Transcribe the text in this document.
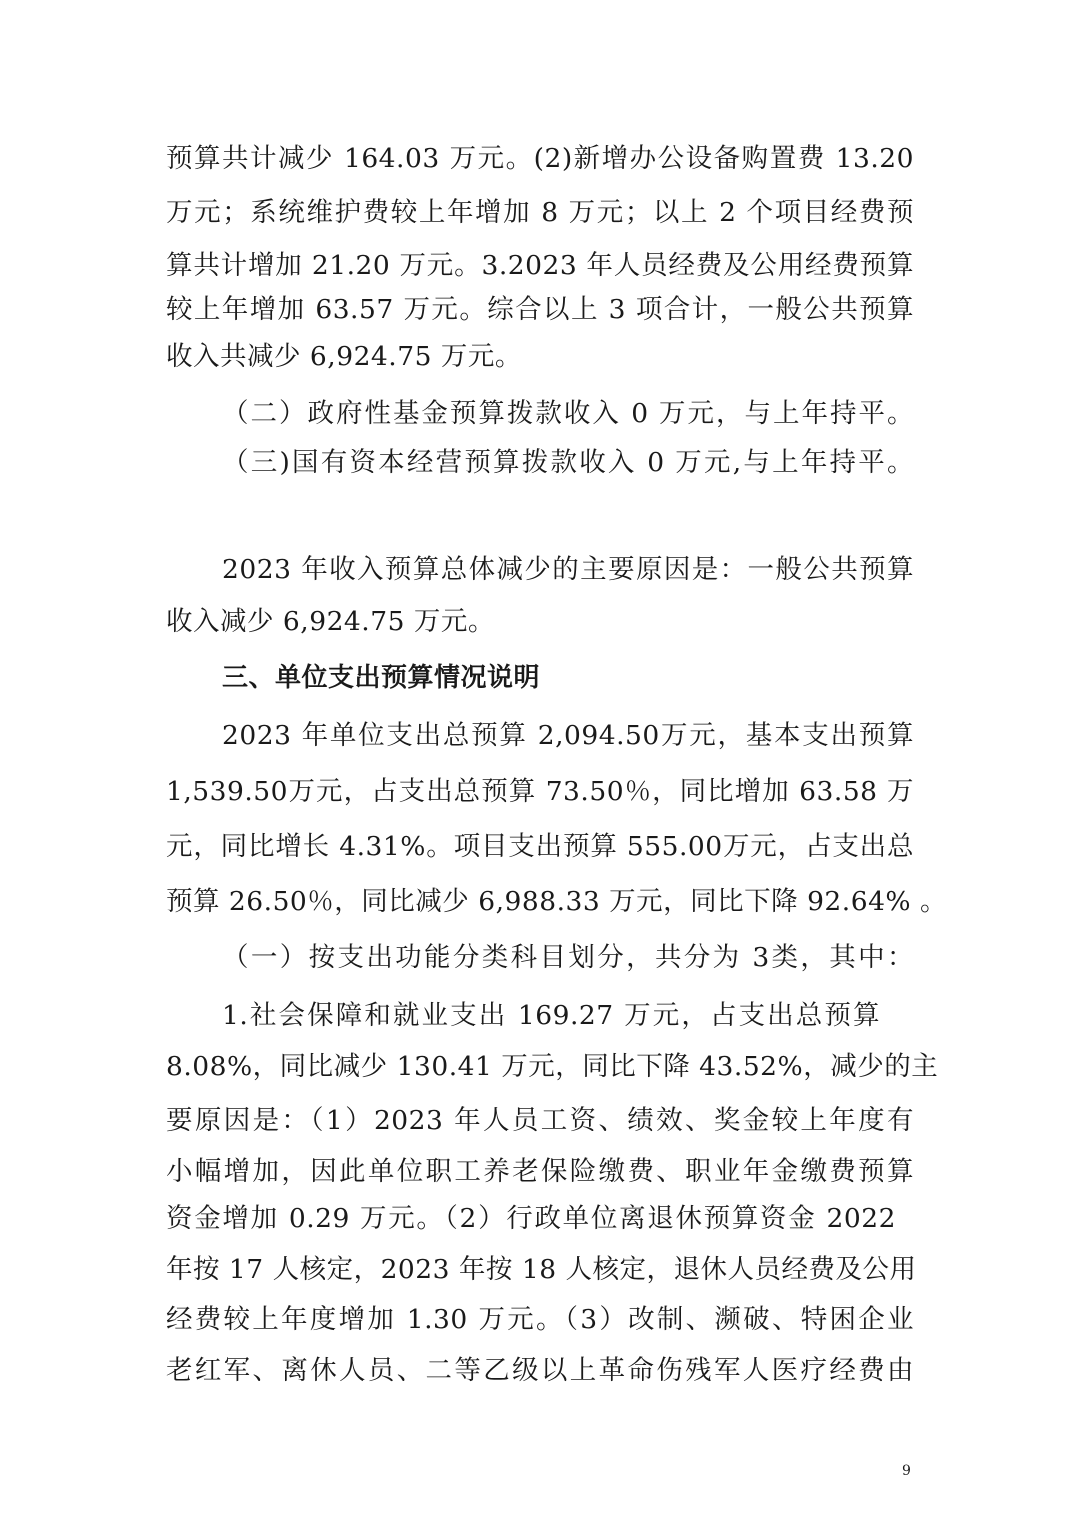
预算共计减少 164.03 万元。(2)新增办公设备购置费 13.20
万元；系统维护费较上年增加 8 万元；以上 2 个项目经费预
算共计增加 21.20 万元。3.2023 年人员经费及公用经费预算
较上年增加 63.57 万元。综合以上 3 项合计，一般公共预算
收入共减少 6,924.75 万元。
（二）政府性基金预算拨款收入 0 万元，与上年持平。
（三)国有资本经营预算拨款收入 0 万元,与上年持平。
2023 年收入预算总体减少的主要原因是：一般公共预算
收入减少 6,924.75 万元。
三、单位支出预算情况说明
2023 年单位支出总预算 2,094.50万元，基本支出预算
1,539.50万元，占支出总预算 73.50％，同比增加 63.58 万
元，同比增长 4.31%。项目支出预算 555.00万元，占支出总
预算 26.50％，同比减少 6,988.33 万元，同比下降 92.64% 。
（一）按支出功能分类科目划分，共分为 3类，其中：
1.社会保障和就业支出 169.27 万元，占支出总预算
8.08%，同比减少 130.41 万元，同比下降 43.52%，减少的主
要原因是：（1）2023 年人员工资、绩效、奖金较上年度有
小幅增加，因此单位职工养老保险缴费、职业年金缴费预算
资金增加 0.29 万元。（2）行政单位离退休预算资金 2022
年按 17 人核定，2023 年按 18 人核定，退休人员经费及公用
经费较上年度增加 1.30 万元。（3）改制、濒破、特困企业
老红军、离休人员、二等乙级以上革命伤残军人医疗经费由
9
